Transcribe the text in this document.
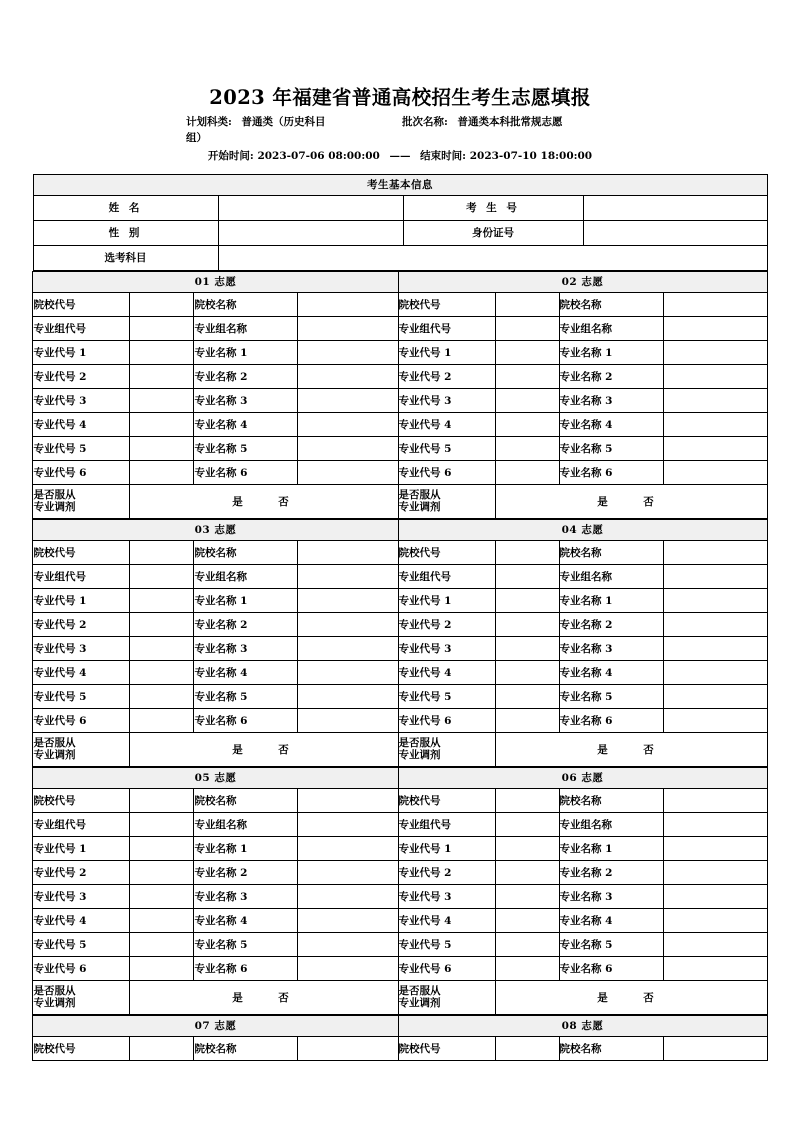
2023 年福建省普通高校招生考生志愿填报
计划科类: 普通类（历史科目组）
批次名称: 普通类本科批常规志愿
开始时间: 2023-07-06 08:00:00 —— 结束时间: 2023-07-10 18:00:00
考生基本信息			
姓 名		考 生 号	
性 别		身份证号	
选考科目			
01 志愿				02 志愿			
院校代号		院校名称		院校代号		院校名称	
专业组代号		专业组名称		专业组代号		专业组名称	
专业代号 1		专业名称 1		专业代号 1		专业名称 1	
专业代号 2		专业名称 2		专业代号 2		专业名称 2	
专业代号 3		专业名称 3		专业代号 3		专业名称 3	
专业代号 4		专业名称 4		专业代号 4		专业名称 4	
专业代号 5		专业名称 5		专业代号 5		专业名称 5	
专业代号 6		专业名称 6		专业代号 6		专业名称 6	

是否服从
专业调剂	是	否	
是否服从
专业调剂	是	否
03 志愿				04 志愿			
院校代号		院校名称		院校代号		院校名称	
专业组代号		专业组名称		专业组代号		专业组名称	
专业代号 1		专业名称 1		专业代号 1		专业名称 1	
专业代号 2		专业名称 2		专业代号 2		专业名称 2	
专业代号 3		专业名称 3		专业代号 3		专业名称 3	
专业代号 4		专业名称 4		专业代号 4		专业名称 4	
专业代号 5		专业名称 5		专业代号 5		专业名称 5	
专业代号 6		专业名称 6		专业代号 6		专业名称 6	

是否服从
专业调剂	是	否	
是否服从
专业调剂	是	否
05 志愿				06 志愿			
院校代号		院校名称		院校代号		院校名称	
专业组代号		专业组名称		专业组代号		专业组名称	
专业代号 1		专业名称 1		专业代号 1		专业名称 1	
专业代号 2		专业名称 2		专业代号 2		专业名称 2	
专业代号 3		专业名称 3		专业代号 3		专业名称 3	
专业代号 4		专业名称 4		专业代号 4		专业名称 4	
专业代号 5		专业名称 5		专业代号 5		专业名称 5	
专业代号 6		专业名称 6		专业代号 6		专业名称 6	

是否服从
专业调剂	是	否	
是否服从
专业调剂	是	否
07 志愿				08 志愿			
院校代号		院校名称		院校代号		院校名称	
